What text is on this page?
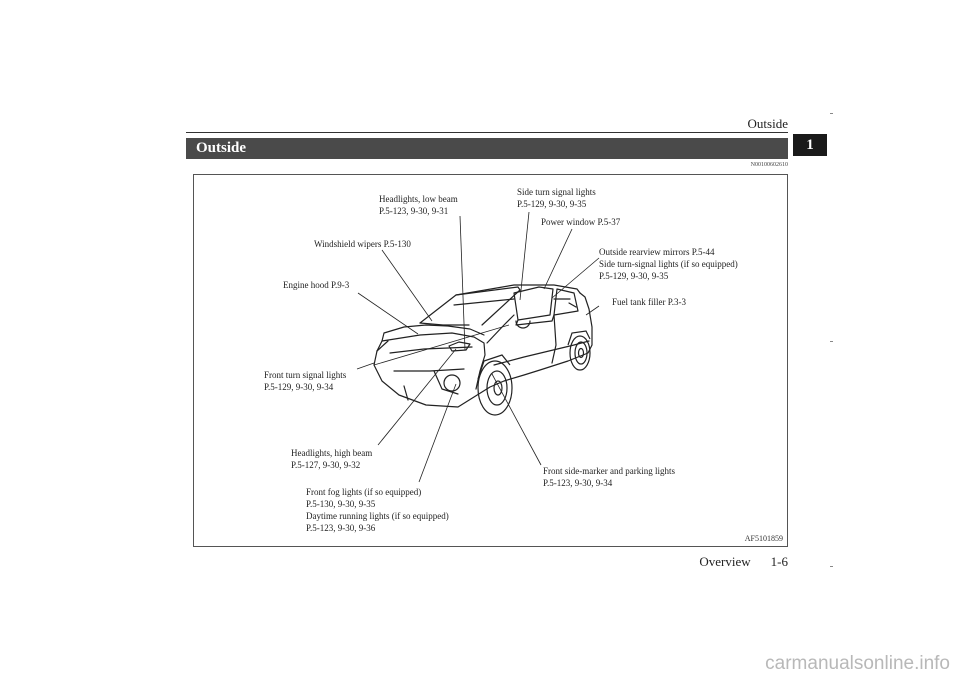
Outside
1
Outside
N00100602610
Headlights, low beam
P.5-123, 9-30, 9-31
Side turn signal lights
P.5-129, 9-30, 9-35
Power window P.5-37
Windshield wipers P.5-130
Outside rearview mirrors P.5-44
Side turn-signal lights (if so equipped)
P.5-129, 9-30, 9-35
Engine hood P.9-3
Fuel tank filler P.3-3
Front turn signal lights
P.5-129, 9-30, 9-34
Headlights, high beam
P.5-127, 9-30, 9-32
Front side-marker and parking lights
P.5-123, 9-30, 9-34
Front fog lights (if so equipped)
P.5-130, 9-30, 9-35
Daytime running lights (if so equipped)
P.5-123, 9-30, 9-36
AF5101859
Overview 1-6
carmanualsonline.info
